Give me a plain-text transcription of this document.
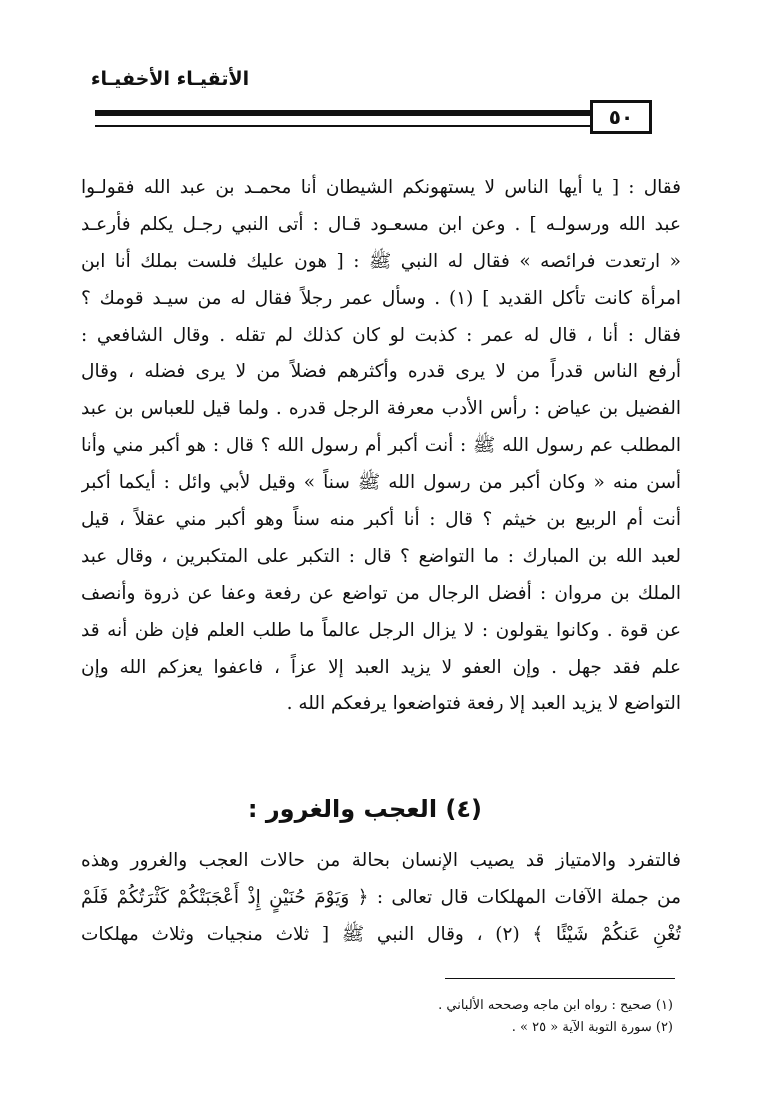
الأتقيـاء الأخفيـاء
٥٠
فقال : [ يا أيها الناس لا يستهونكم الشيطان أنا محمـد بن عبد الله فقولـوا
عبد الله ورسولـه ] . وعن ابن مسعـود قـال : أتى النبي رجـل يكلم فأرعـد
« ارتعدت فرائصه » فقال له النبي ﷺ : [ هون عليك فلست بملك أنا ابن
امرأة كانت تأكل القديد ] (١) . وسأل عمر رجلاً فقال له من سيـد قومك ؟
فقال : أنا ، قال له عمر : كذبت لو كان كذلك لم تقله . وقال الشافعي :
أرفع الناس قدراً من لا يرى قدره وأكثرهم فضلاً من لا يرى فضله ، وقال
الفضيل بن عياض : رأس الأدب معرفة الرجل قدره . ولما قيل للعباس بن عبد
المطلب عم رسول الله ﷺ : أنت أكبر أم رسول الله ؟ قال : هو أكبر مني وأنا
أسن منه « وكان أكبر من رسول الله ﷺ سناً » وقيل لأبي وائل : أيكما أكبر
أنت أم الربيع بن خيثم ؟ قال : أنا أكبر منه سناً وهو أكبر مني عقلاً ، قيل
لعبد الله بن المبارك : ما التواضع ؟ قال : التكبر على المتكبرين ، وقال عبد
الملك بن مروان : أفضل الرجال من تواضع عن رفعة وعفا عن ذروة وأنصف
عن قوة . وكانوا يقولون : لا يزال الرجل عالماً ما طلب العلم فإن ظن أنه قد
علم فقد جهل . وإن العفو لا يزيد العبد إلا عزاً ، فاعفوا يعزكم الله وإن
التواضع لا يزيد العبد إلا رفعة فتواضعوا يرفعكم الله .
(٤) العجب والغرور :
فالتفرد والامتياز قد يصيب الإنسان بحالة من حالات العجب والغرور وهذه
من جملة الآفات المهلكات قال تعالى : ﴿ وَيَوْمَ حُنَيْنٍ إِذْ أَعْجَبَتْكُمْ كَثْرَتُكُمْ فَلَمْ
تُغْنِ عَنكُمْ شَيْئًا ﴾ (٢) ، وقال النبي ﷺ [ ثلاث منجيات وثلاث مهلكات
(١) صحيح : رواه ابن ماجه وصححه الألباني .
(٢) سورة التوبة الآية « ٢٥ » .
